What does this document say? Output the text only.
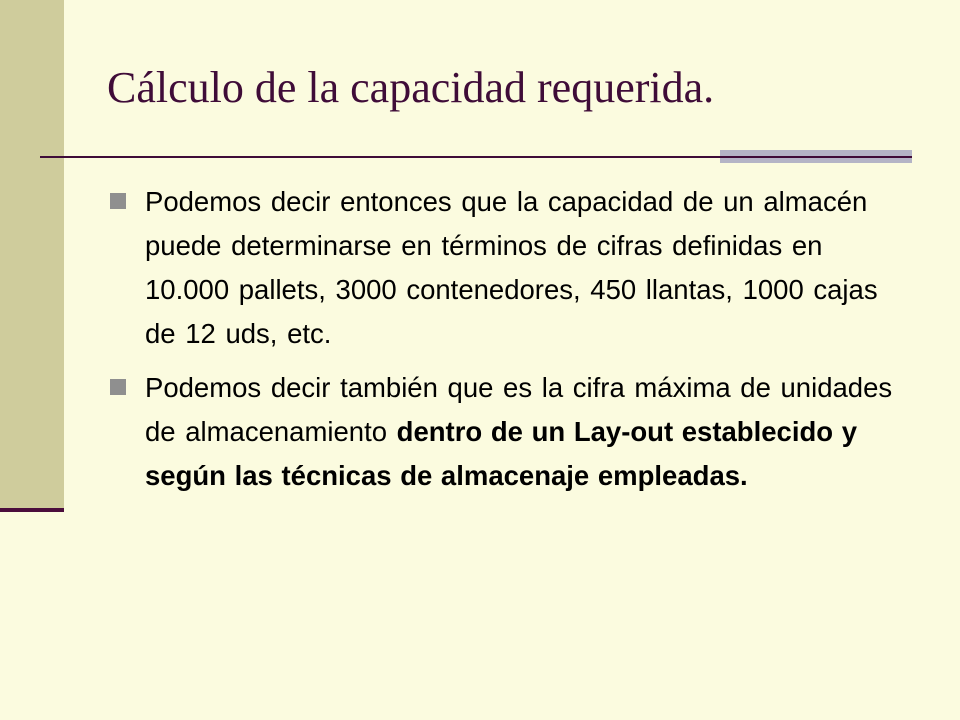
Cálculo de la capacidad requerida.
Podemos decir entonces que la capacidad de un almacén puede determinarse en términos de cifras definidas en 10.000 pallets, 3000 contenedores, 450 llantas, 1000 cajas de 12 uds, etc.
Podemos decir también que es la cifra máxima de unidades de almacenamiento dentro de un Lay-out establecido y según las técnicas de almacenaje empleadas.
